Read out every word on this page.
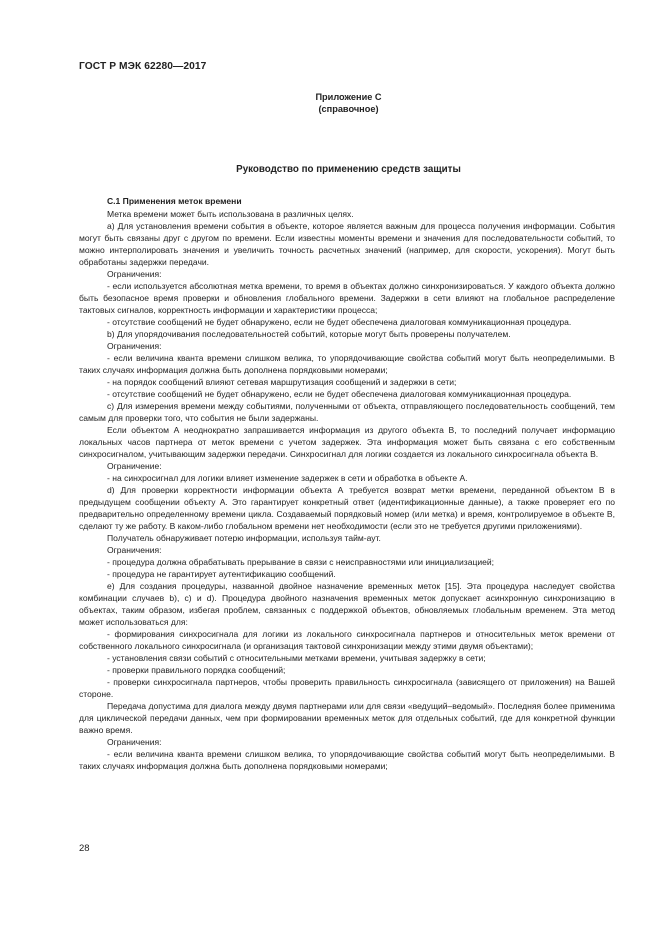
ГОСТ Р МЭК 62280—2017
Приложение С
(справочное)
Руководство по применению средств защиты

С.1 Применения меток времени

Метка времени может быть использована в различных целях.

а) Для установления времени события в объекте, которое является важным для процесса получения информации. События могут быть связаны друг с другом по времени. Если известны моменты времени и значения для последовательности событий, то можно интерполировать значения и увеличить точность расчетных значений (например, для скорости, ускорения). Могут быть обработаны задержки передачи.

Ограничения:

- если используется абсолютная метка времени, то время в объектах должно синхронизироваться. У каждого объекта должно быть безопасное время проверки и обновления глобального времени. Задержки в сети влияют на глобальное распределение тактовых сигналов, корректность информации и характеристики процесса;

- отсутствие сообщений не будет обнаружено, если не будет обеспечена диалоговая коммуникационная процедура.

b) Для упорядочивания последовательностей событий, которые могут быть проверены получателем.

Ограничения:

- если величина кванта времени слишком велика, то упорядочивающие свойства событий могут быть неопределимыми. В таких случаях информация должна быть дополнена порядковыми номерами;

- на порядок сообщений влияют сетевая маршрутизация сообщений и задержки в сети;

- отсутствие сообщений не будет обнаружено, если не будет обеспечена диалоговая коммуникационная процедура.

с) Для измерения времени между событиями, полученными от объекта, отправляющего последовательность сообщений, тем самым для проверки того, что события не были задержаны.

Если объектом А неоднократно запрашивается информация из другого объекта В, то последний получает информацию локальных часов партнера от меток времени с учетом задержек. Эта информация может быть связана с его собственным синхросигналом, учитывающим задержки передачи. Синхросигнал для логики создается из локального синхросигнала объекта В.

Ограничение:

- на синхросигнал для логики влияет изменение задержек в сети и обработка в объекте А.

d) Для проверки корректности информации объекта А требуется возврат метки времени, переданной объектом В в предыдущем сообщении объекту А. Это гарантирует конкретный ответ (идентификационные данные), а также проверяет его по предварительно определенному времени цикла. Создаваемый порядковый номер (или метка) и время, контролируемое в объекте В, сделают ту же работу. В каком-либо глобальном времени нет необходимости (если это не требуется другими приложениями).

Получатель обнаруживает потерю информации, используя тайм-аут.

Ограничения:

- процедура должна обрабатывать прерывание в связи с неисправностями или инициализацией;

- процедура не гарантирует аутентификацию сообщений.

е) Для создания процедуры, названной двойное назначение временных меток [15]. Эта процедура наследует свойства комбинации случаев b), с) и d). Процедура двойного назначения временных меток допускает асинхронную синхронизацию в объектах, таким образом, избегая проблем, связанных с поддержкой объектов, обновляемых глобальным временем. Эта метод может использоваться для:

- формирования синхросигнала для логики из локального синхросигнала партнеров и относительных меток времени от собственного локального синхросигнала (и организация тактовой синхронизации между этими двумя объектами);

- установления связи событий с относительными метками времени, учитывая задержку в сети;

- проверки правильного порядка сообщений;

- проверки синхросигнала партнеров, чтобы проверить правильность синхросигнала (зависящего от приложения) на Вашей стороне.

Передача допустима для диалога между двумя партнерами или для связи «ведущий–ведомый». Последняя более применима для циклической передачи данных, чем при формировании временных меток для отдельных событий, где для конкретной функции важно время.

Ограничения:

- если величина кванта времени слишком велика, то упорядочивающие свойства событий могут быть неопределимыми. В таких случаях информация должна быть дополнена порядковыми номерами;

28
